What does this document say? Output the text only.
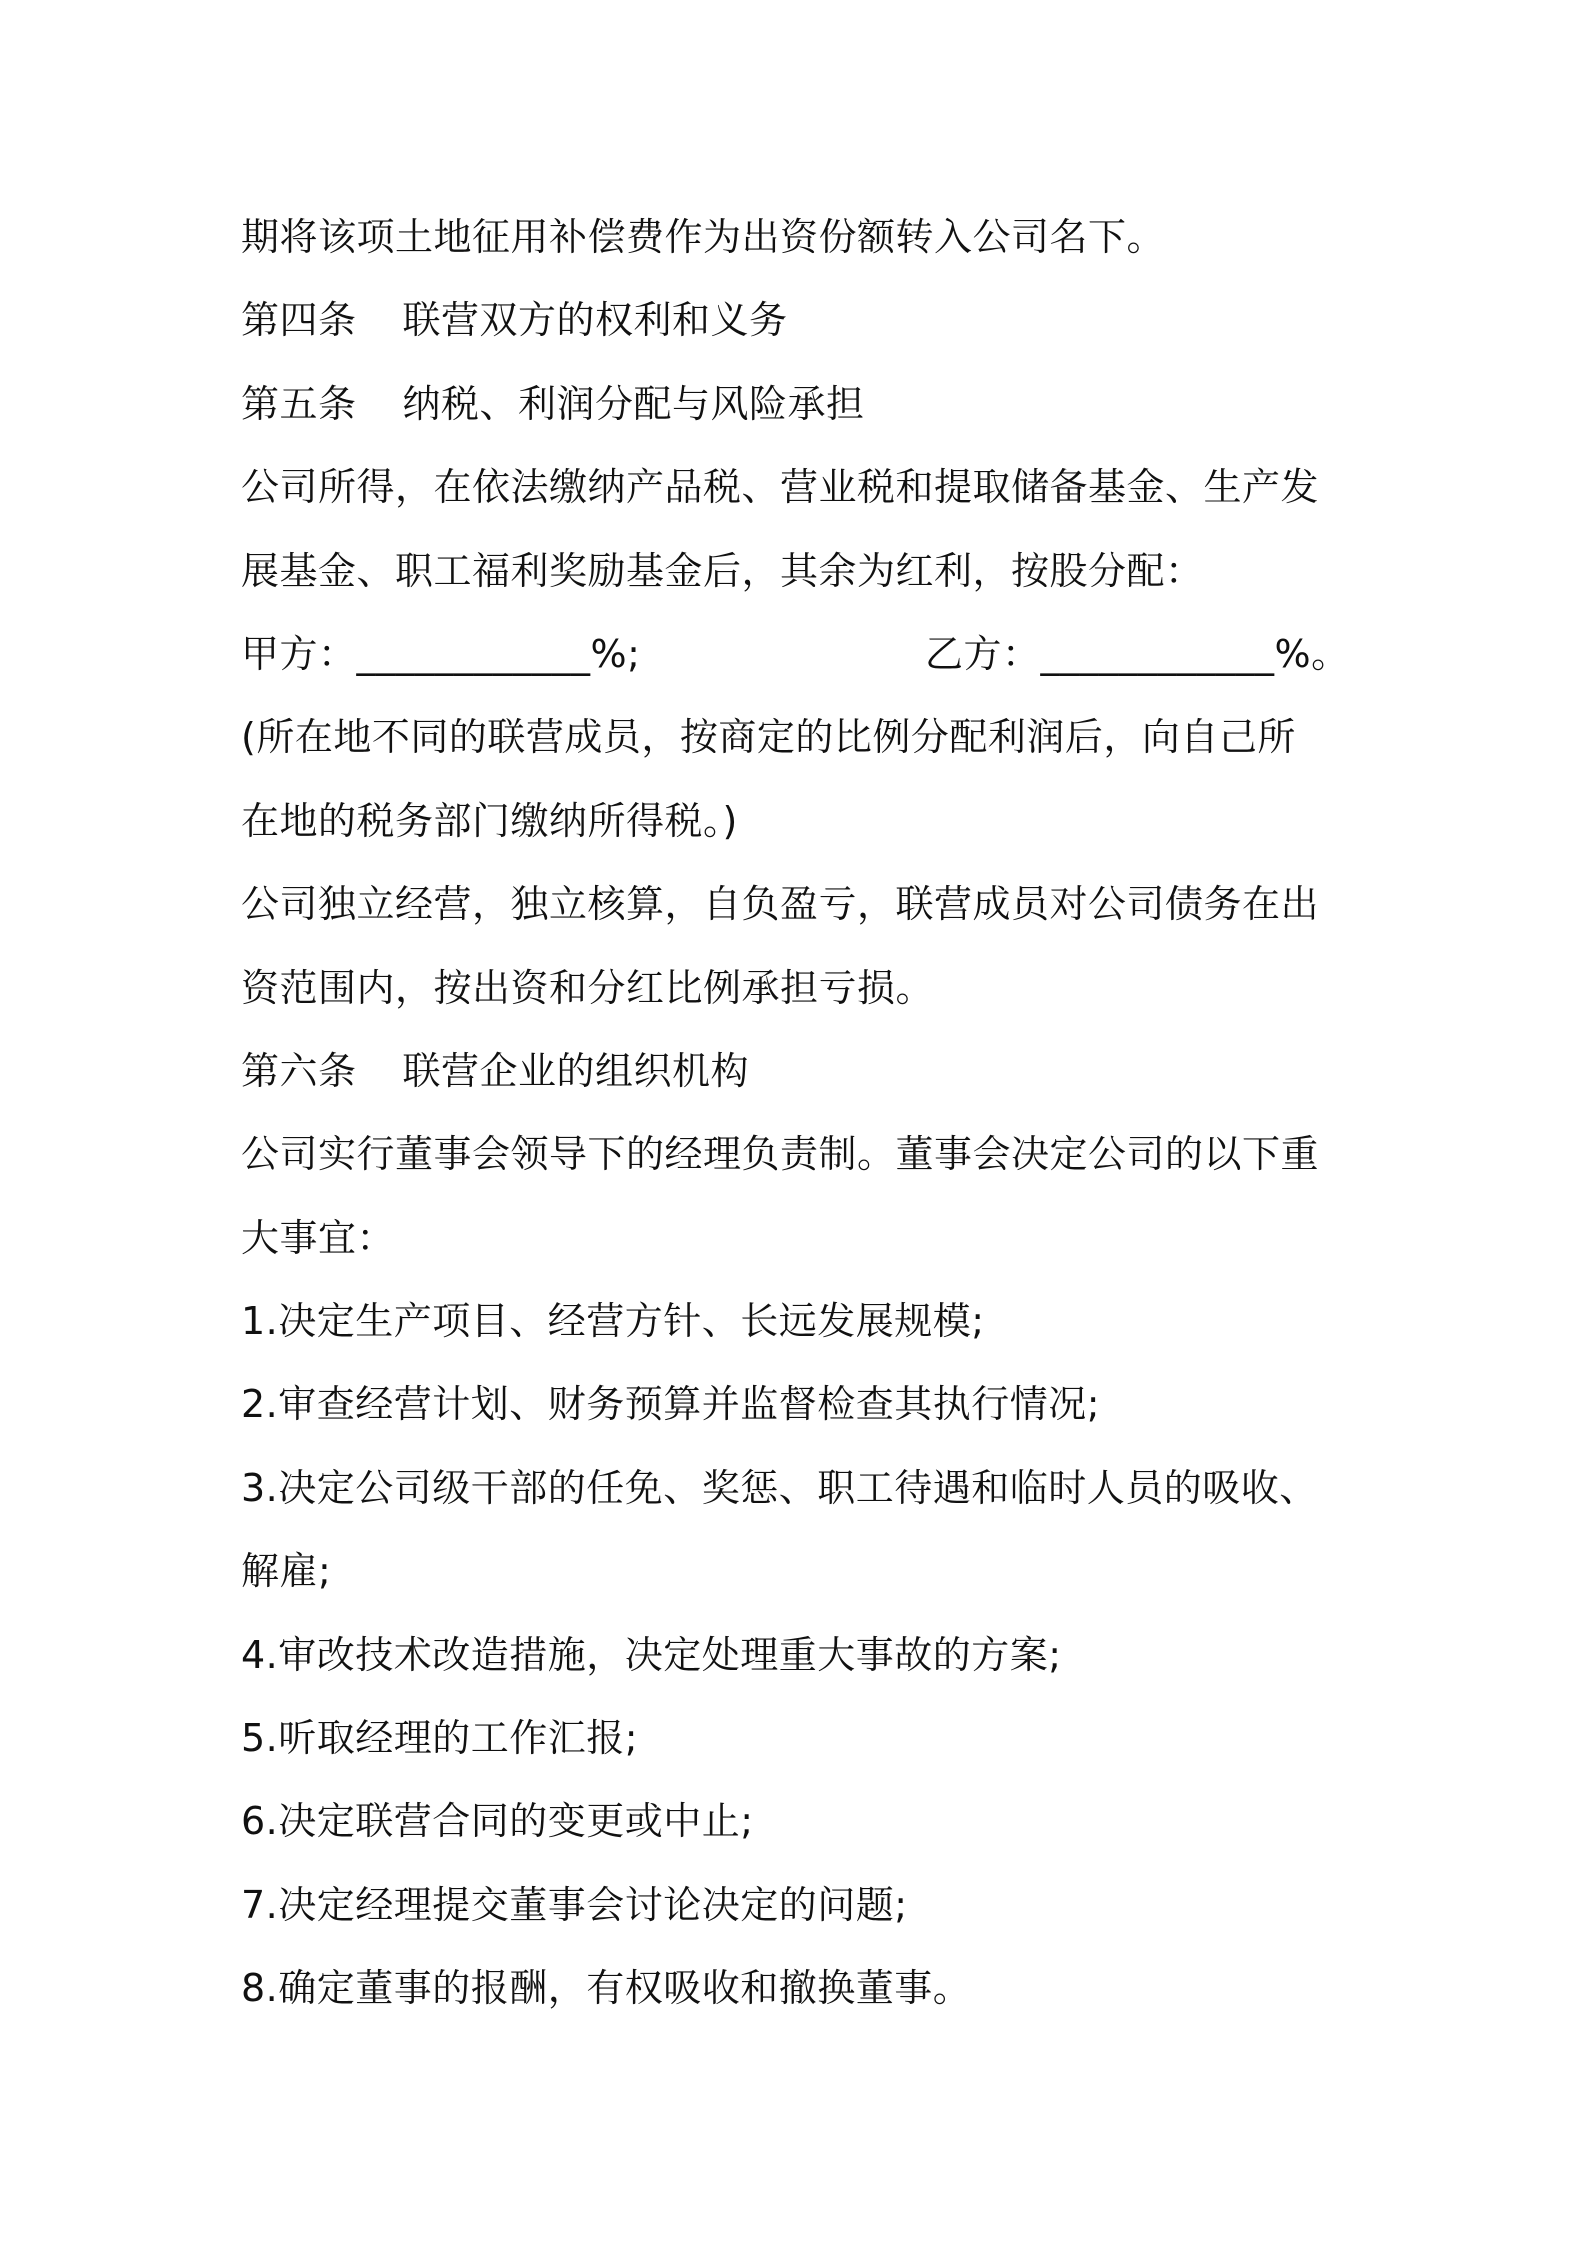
期将该项土地征用补偿费作为出资份额转入公司名下。
第四条 联营双方的权利和义务
第五条 纳税、利润分配与风险承担
公司所得，在依法缴纳产品税、营业税和提取储备基金、生产发
展基金、职工福利奖励基金后，其余为红利，按股分配：
甲方：____________%;	乙方：____________%。
(所在地不同的联营成员，按商定的比例分配利润后，向自己所
在地的税务部门缴纳所得税。)
公司独立经营，独立核算，自负盈亏，联营成员对公司债务在出
资范围内，按出资和分红比例承担亏损。
第六条 联营企业的组织机构
公司实行董事会领导下的经理负责制。董事会决定公司的以下重
大事宜：
1.决定生产项目、经营方针、长远发展规模;
2.审查经营计划、财务预算并监督检查其执行情况;
3.决定公司级干部的任免、奖惩、职工待遇和临时人员的吸收、
解雇;
4.审改技术改造措施，决定处理重大事故的方案;
5.听取经理的工作汇报;
6.决定联营合同的变更或中止;
7.决定经理提交董事会讨论决定的问题;
8.确定董事的报酬，有权吸收和撤换董事。
